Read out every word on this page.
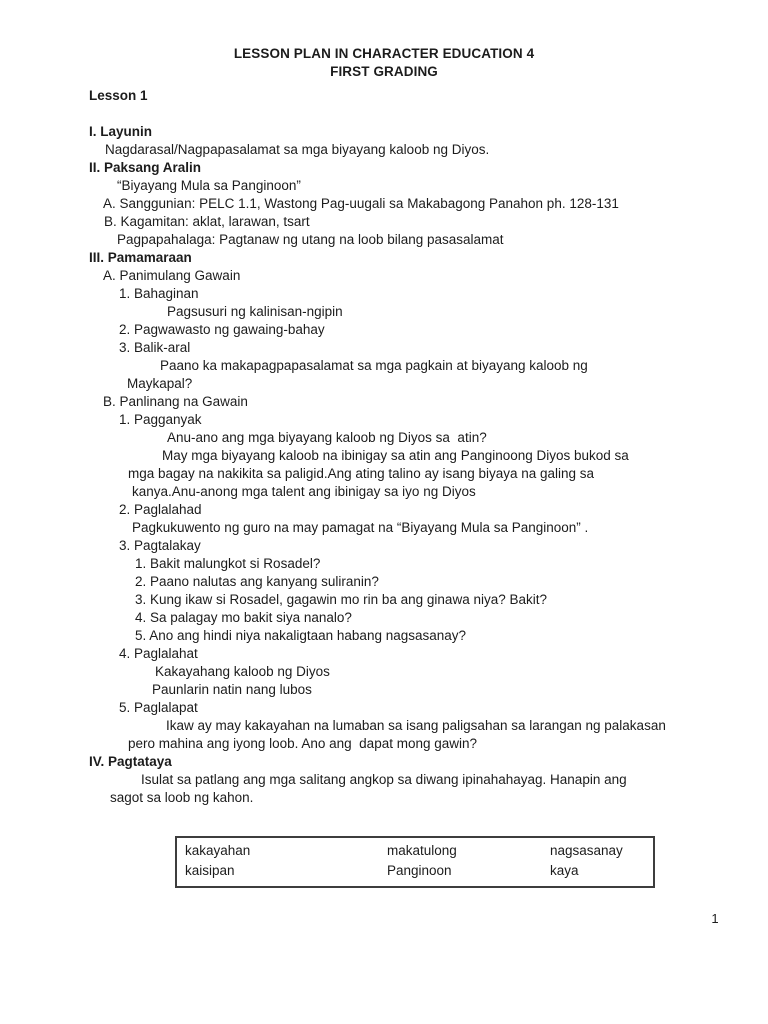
LESSON PLAN IN CHARACTER EDUCATION 4
FIRST GRADING
Lesson 1
I. Layunin
Nagdarasal/Nagpapasalamat sa mga biyayang kaloob ng Diyos.
II. Paksang Aralin
“Biyayang Mula sa Panginoon”
A. Sanggunian: PELC 1.1, Wastong Pag-uugali sa Makabagong Panahon ph. 128-131
B. Kagamitan: aklat, larawan, tsart
Pagpapahalaga: Pagtanaw ng utang na loob bilang pasasalamat
III. Pamamaraan
A. Panimulang Gawain
1. Bahaginan
Pagsusuri ng kalinisan-ngipin
2. Pagwawasto ng gawaing-bahay
3. Balik-aral
Paano ka makapagpapasalamat sa mga pagkain at biyayang kaloob ng
Maykapal?
B. Panlinang na Gawain
1. Pagganyak
Anu-ano ang mga biyayang kaloob ng Diyos sa  atin?
May mga biyayang kaloob na ibinigay sa atin ang Panginoong Diyos bukod sa
mga bagay na nakikita sa paligid.Ang ating talino ay isang biyaya na galing sa
kanya.Anu-anong mga talent ang ibinigay sa iyo ng Diyos
2. Paglalahad
Pagkukuwento ng guro na may pamagat na “Biyayang Mula sa Panginoon” .
3. Pagtalakay
1. Bakit malungkot si Rosadel?
2. Paano nalutas ang kanyang suliranin?
3. Kung ikaw si Rosadel, gagawin mo rin ba ang ginawa niya? Bakit?
4. Sa palagay mo bakit siya nanalo?
5. Ano ang hindi niya nakaligtaan habang nagsasanay?
4. Paglalahat
Kakayahang kaloob ng Diyos
Paunlarin natin nang lubos
5. Paglalapat
Ikaw ay may kakayahan na lumaban sa isang paligsahan sa larangan ng palakasan
pero mahina ang iyong loob. Ano ang  dapat mong gawin?
IV. Pagtataya
Isulat sa patlang ang mga salitang angkop sa diwang ipinahahayag. Hanapin ang
sagot sa loob ng kahon.
kakayahan	makatulong	nagsasanay
kaisipan	Panginoon	kaya
1
